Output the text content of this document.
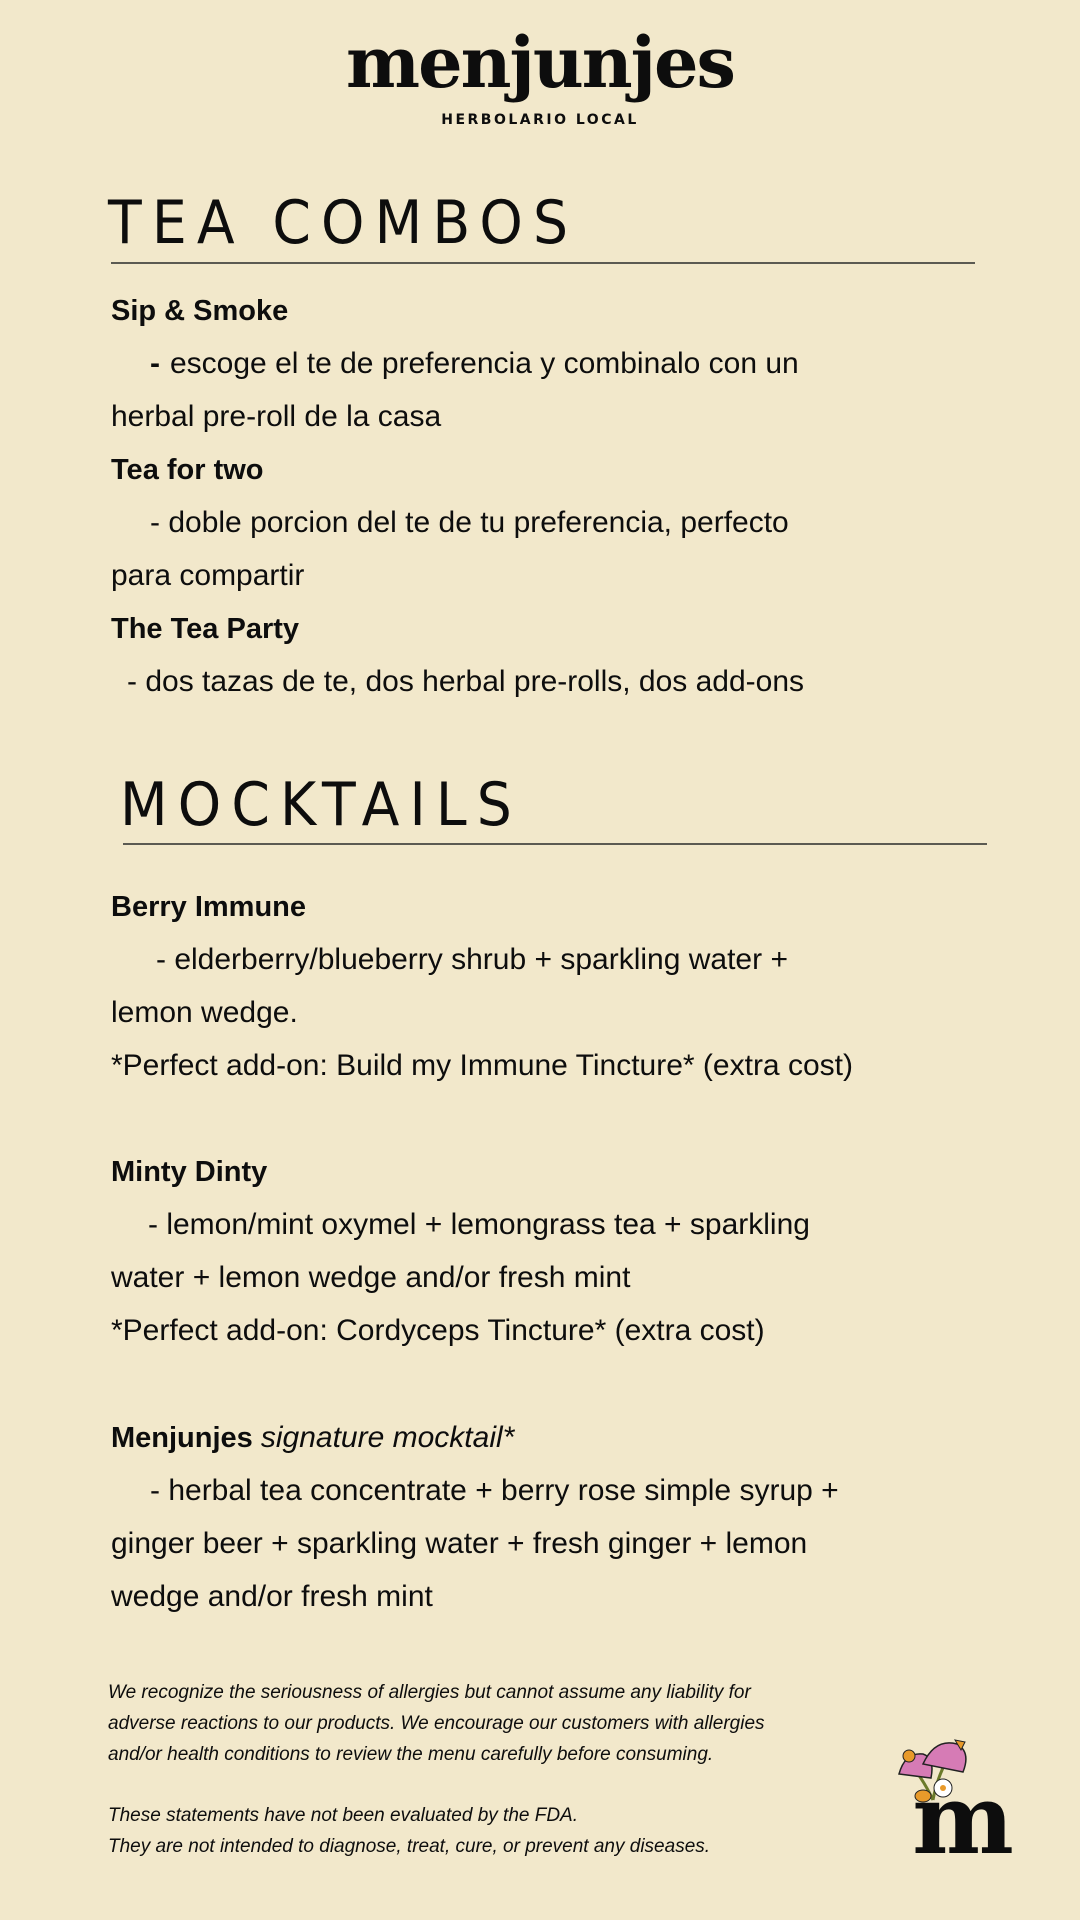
menjunjes
HERBOLARIO LOCAL
TEA COMBOS
Sip & Smoke
- escoge el te de preferencia y combinalo con un
herbal pre-roll de la casa
Tea for two
- doble porcion del te de tu preferencia, perfecto
para compartir
The Tea Party
- dos tazas de te, dos herbal pre-rolls, dos add-ons
MOCKTAILS
Berry Immune
- elderberry/blueberry shrub + sparkling water +
lemon wedge.
*Perfect add-on: Build my Immune Tincture* (extra cost)
Minty Dinty
- lemon/mint oxymel + lemongrass tea + sparkling
water + lemon wedge and/or fresh mint
*Perfect add-on: Cordyceps Tincture* (extra cost)
Menjunjes signature mocktail*
- herbal tea concentrate + berry rose simple syrup +
ginger beer + sparkling water + fresh ginger + lemon
wedge and/or fresh mint
We recognize the seriousness of allergies but cannot assume any liability for
adverse reactions to our products. We encourage our customers with allergies
and/or health conditions to review the menu carefully before consuming.
These statements have not been evaluated by the FDA.
They are not intended to diagnose, treat, cure, or prevent any diseases. m
